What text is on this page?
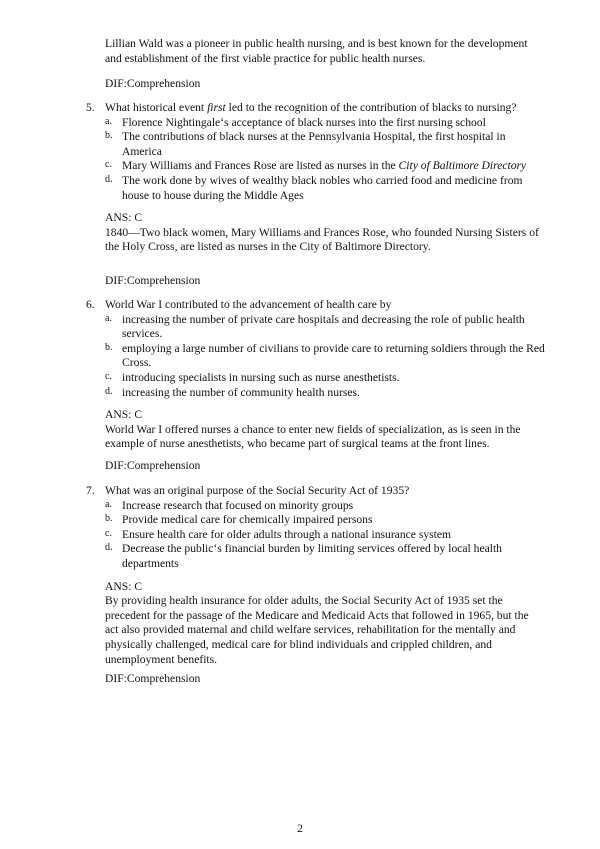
Lillian Wald was a pioneer in public health nursing, and is best known for the development and establishment of the first viable practice for public health nurses.
DIF:Comprehension
5. What historical event first led to the recognition of the contribution of blacks to nursing?
a. Florence Nightingale‘s acceptance of black nurses into the first nursing school
b. The contributions of black nurses at the Pennsylvania Hospital, the first hospital in America
c. Mary Williams and Frances Rose are listed as nurses in the City of Baltimore Directory
d. The work done by wives of wealthy black nobles who carried food and medicine from house to house during the Middle Ages
ANS: C
1840—Two black women, Mary Williams and Frances Rose, who founded Nursing Sisters of the Holy Cross, are listed as nurses in the City of Baltimore Directory.
DIF:Comprehension
6. World War I contributed to the advancement of health care by
a. increasing the number of private care hospitals and decreasing the role of public health services.
b. employing a large number of civilians to provide care to returning soldiers through the Red Cross.
c. introducing specialists in nursing such as nurse anesthetists.
d. increasing the number of community health nurses.
ANS: C
World War I offered nurses a chance to enter new fields of specialization, as is seen in the example of nurse anesthetists, who became part of surgical teams at the front lines.
DIF:Comprehension
7. What was an original purpose of the Social Security Act of 1935?
a. Increase research that focused on minority groups
b. Provide medical care for chemically impaired persons
c. Ensure health care for older adults through a national insurance system
d. Decrease the public‘s financial burden by limiting services offered by local health departments
ANS: C
By providing health insurance for older adults, the Social Security Act of 1935 set the precedent for the passage of the Medicare and Medicaid Acts that followed in 1965, but the act also provided maternal and child welfare services, rehabilitation for the mentally and physically challenged, medical care for blind individuals and crippled children, and unemployment benefits.
DIF:Comprehension
2
